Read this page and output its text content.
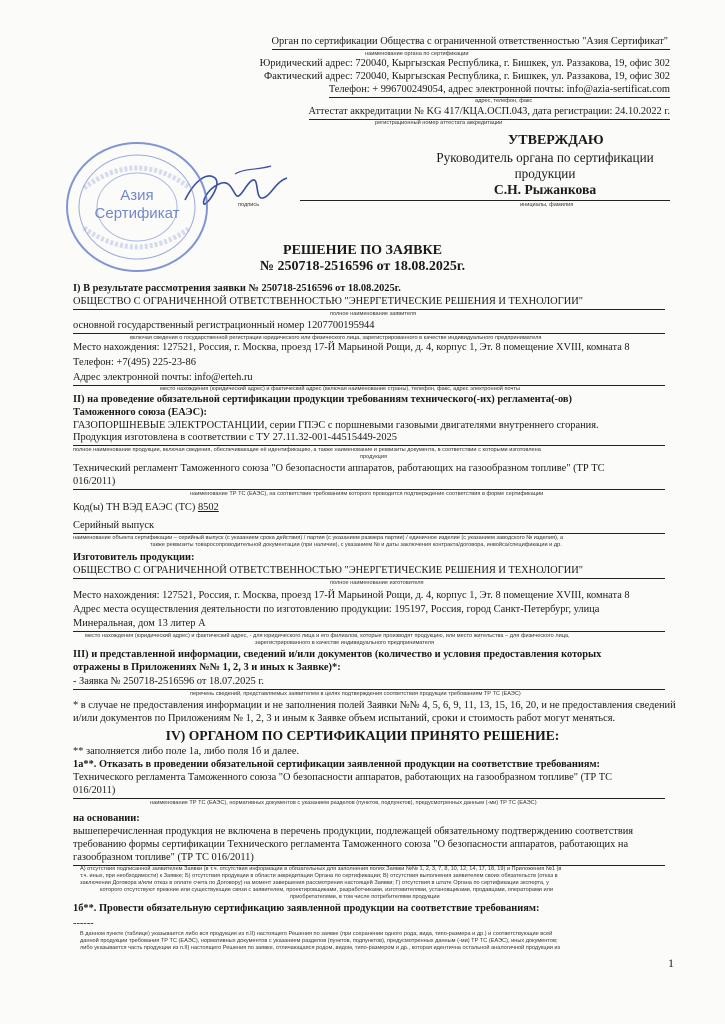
Орган по сертификации Общества с ограниченной ответственностью "Азия Сертификат"
наименование органа по сертификации
Юридический адрес: 720040, Кыргызская Республика, г. Бишкек, ул. Раззакова, 19, офис 302
Фактический адрес: 720040, Кыргызская Республика, г. Бишкек, ул. Раззакова, 19, офис 302
Телефон: + 996700249054, адрес электронной почты: info@azia-sertificat.com
адрес, телефон, факс
Аттестат аккредитации № KG 417/КЦА.ОСП.043, дата регистрации: 24.10.2022 г.
регистрационный номер аттестата аккредитации
УТВЕРЖДАЮ
Руководитель органа по сертификации
продукции
С.Н. Рыжанкова
подпись	инициалы, фамилия
Азия
Сертификат
РЕШЕНИЕ ПО ЗАЯВКЕ
№ 250718-2516596 от 18.08.2025г.
I) В результате рассмотрения заявки № 250718-2516596 от 18.08.2025г.
ОБЩЕСТВО С ОГРАНИЧЕННОЙ ОТВЕТСТВЕННОСТЬЮ "ЭНЕРГЕТИЧЕСКИЕ РЕШЕНИЯ И ТЕХНОЛОГИИ"
полное наименование заявителя
основной государственный регистрационный номер 1207700195944
включая сведения о государственной регистрации юридического или физического лица, зарегистрированного в качестве индивидуального предпринимателя
Место нахождения: 127521, Россия, г. Москва, проезд 17-Й Марьиной Рощи, д. 4, корпус 1, Эт. 8 помещение XVIII, комната 8
Телефон: +7(495) 225-23-86
Адрес электронной почты: info@erteh.ru
место нахождения (юридический адрес) и фактический адрес (включая наименование страны), телефон, факс, адрес электронной почты
II) на проведение обязательной сертификации продукции требованиям технического(-их) регламента(-ов)
Таможенного союза (ЕАЭС):
ГАЗОПОРШНЕВЫЕ ЭЛЕКТРОСТАНЦИИ, серии ГПЭС с поршневыми газовыми двигателями внутреннего сгорания.
Продукция изготовлена в соответствии с ТУ 27.11.32-001-44515449-2025
полное наименование продукции, включая сведения, обеспечивающие её идентификацию, а также наименование и реквизиты документа, в соответствии с которыми изготовлена
продукция
Технический регламент Таможенного союза "О безопасности аппаратов, работающих на газообразном топливе" (ТР ТС
016/2011)
наименование ТР ТС (ЕАЭС), на соответствие требованиям которого проводится подтверждение соответствия в форме сертификации
Код(ы) ТН ВЭД ЕАЭС (ТС) 8502
Серийный выпуск
наименование объекта сертификации – серийный выпуск (с указанием срока действия) / партия (с указанием размера партии) / единичное изделие (с указанием заводского № изделия), а
также реквизиты товаросопроводительной документации (при наличии), с указанием № и даты заключения контракта/договора, инвойса/спецификации и др.
Изготовитель продукции:
ОБЩЕСТВО С ОГРАНИЧЕННОЙ ОТВЕТСТВЕННОСТЬЮ "ЭНЕРГЕТИЧЕСКИЕ РЕШЕНИЯ И ТЕХНОЛОГИИ"
полное наименование изготовителя
Место нахождения: 127521, Россия, г. Москва, проезд 17-Й Марьиной Рощи, д. 4, корпус 1, Эт. 8 помещение XVIII, комната 8
Адрес места осуществления деятельности по изготовлению продукции: 195197, Россия, город Санкт-Петербург, улица
Минеральная, дом 13 литер А
место нахождения (юридический адрес) и фактический адрес, - для юридического лица и его филиалов, которые производят продукцию, или место жительства – для физического лица,
зарегистрированного в качестве индивидуального предпринимателя
III) и представленной информации, сведений и/или документов (количество и условия предоставления которых
отражены в Приложениях №№ 1, 2, 3 и иных к Заявке)*:
- Заявка № 250718-2516596 от 18.07.2025 г.
перечень сведений, представляемых заявителем в целях подтверждения соответствия продукции требованиям ТР ТС (ЕАЭС)
* в случае не предоставления информации и не заполнения полей Заявки №№ 4, 5, 6, 9, 11, 13, 15, 16, 20, и не предоставления сведений
и/или документов по Приложениям № 1, 2, 3 и иным к Заявке объем испытаний, сроки и стоимость работ могут меняться.
IV) ОРГАНОМ ПО СЕРТИФИКАЦИИ ПРИНЯТО РЕШЕНИЕ:
** заполняется либо поле 1а, либо поля 1б и далее.
1а**. Отказать в проведении обязательной сертификации заявленной продукции на соответствие требованиям:
Технического регламента Таможенного союза "О безопасности аппаратов, работающих на газообразном топливе" (ТР ТС
016/2011)
наименование ТР ТС (ЕАЭС), нормативных документов с указанием разделов (пунктов, подпунктов), предусмотренных данным (-ми) ТР ТС (ЕАЭС)
на основании:
вышеперечисленная продукция не включена в перечень продукции, подлежащей обязательному подтверждению соответствия
требованию формы сертификации Технического регламента Таможенного союза "О безопасности аппаратов, работающих на
газообразном топливе" (ТР ТС 016/2011)
А) отсутствия подписанной заявителем Заявки (в т.ч. отсутствия информации в обязательных для заполнения полях Заявки №№ 1, 2, 3, 7, 8, 10, 12, 14, 17, 18, 19) и Приложения №1 (в
т.ч. иных, при необходимости) к Заявке; Б) отсутствия продукции в области аккредитации Органа по сертификации; В) отсутствия выполнения заявителем своих обязательств (отказ в
заключении Договора и/или отказ в оплате счета по Договору) на момент завершения рассмотрения настоящей Заявки; Г) отсутствия в штате Органа по сертификации эксперта, у
которого отсутствуют прежние или существующие связи с заявителем, проектировщиками, разработчиками, изготовителями, установщиками, продавцами, операторами или
приобретателями, в том числе потребителями продукции
1б**. Провести обязательную сертификацию заявленной продукции на соответствие требованиям:
------
В данном пункте (таблице) указывается либо вся продукция из п.II) настоящего Решения по заявке (при сохранении одного рода, вида, типо-размера и др.) и соответствующие всей
данной продукции требования ТР ТС (ЕАЭС), нормативных документов с указанием разделов (пунктов, подпунктов), предусмотренных данным (-ми) ТР ТС (ЕАЭС), иных документов;
либо указывается часть продукции из п.II) настоящего Решения по заявке, отличающаяся родом, видом, типо-размером и др., которая идентична остальной аналогичной продукции из
1
